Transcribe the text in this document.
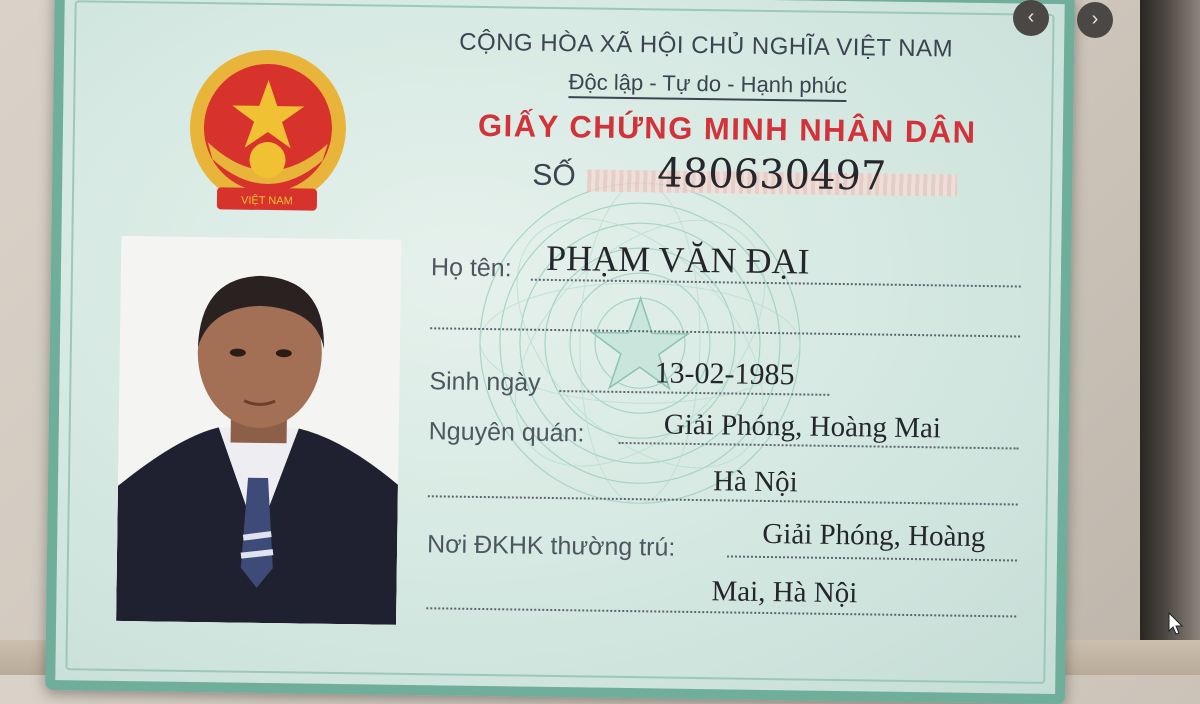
VIỆT NAM
CỘNG HÒA XÃ HỘI CHỦ NGHĨA VIỆT NAM
Độc lập - Tự do - Hạnh phúc
GIẤY CHỨNG MINH NHÂN DÂN
SỐ 480630497
Họ tên: PHẠM VĂN ĐẠI
Sinh ngày	13-02-1985
Nguyên quán:	Giải Phóng, Hoàng Mai
Hà Nội
Nơi ĐKHK thường trú:	Giải Phóng, Hoàng
Mai, Hà Nội
‹	›
